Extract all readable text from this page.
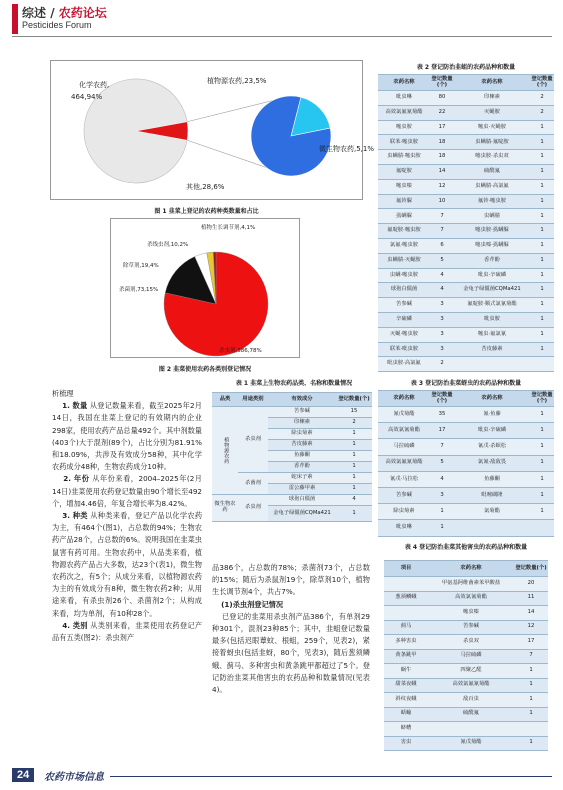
综述 / 农药论坛
Pesticides Forum
化学农药,
464,94%
其他,28,6%
植物源农药,23,5%
微生物农药,5,1%
图 1 韭菜上登记的农药种类数量和占比
杀虫剂,386,78%
杀菌剂,73,15%
除草剂,19,4%
杀线虫剂,10,2%
植物生长调节剂,4,1%
图 2 韭菜使用农药各类别登记情况
表 2 登记防治韭蛆的农药品种和数量
农药名称	登记数量(个)	农药名称	登记数量(个)
吡虫啉	80	印楝素	2
高效氯氟氰菊酯	22	灭蝇胺	2
噻虫胺	17	噻虫·灭蝇胺	1
联苯·噻虫胺	18	虫螨腈·氟啶胺	1
虫螨腈·噻虫胺	18	噻虫胺·杀虫双	1
氟啶胺	14	硫酰氟	1
噻虫嗪	12	虫螨腈·高氯氟	1
氟铃脲	10	氟铃·噻虫胺	1
虱螨脲	7	虫螨腈	1
氟啶胺·噻虫胺	7	噻虫胺·虱螨脲	1
氯氟·噻虫胺	6	噻虫嗪·虱螨脲	1
虫螨腈·灭蝇胺	5	香芹酚	1
虫螨·噻虫胺	4	吡虫·辛硫磷	1
球孢白僵菌	4	金龟子绿僵菌CQMa421	1
苦参碱	3	氟啶胺·顺式氯氰菊酯	1
辛硫磷	3	吡虫胺	1
灭蝇·噻虫胺	3	噻虫·氟氯氰	1
联苯·吡虫胺	3	苦皮藤素	1
吡虫胺·高氯氟	2		
表 3 登记防治韭菜蚜虫的农药品种和数量
农药名称	登记数量(个)	农药名称	登记数量(个)
氰戊菊酯	35	氰·鱼藤	1
高效氯氰菊酯	17	吡虫·辛硫磷	1
马拉硫磷	7	氰戊·杀螟松	1
高效氯氟氰菊酯	5	氯氰·敌敌畏	1
氰戊·马拉松	4	鱼藤酮	1
苦参碱	3	吡嘧磺隆	1
除虫菊素	1	氯菊酯	1
吡虫啉	1		
表 1 韭菜上生物农药品类、名称和数量情况
品类	用途类别	有效成分	登记数量(个)
植物源农药	杀虫剂	苦参碱	15
		印楝素	2
		除虫菊素	1
		苦皮藤素	1
		鱼藤酮	1
		香芹酚	1
	杀菌剂	蛇床子素	1
		雷公藤甲素	1
微生物农药	杀虫剂	球孢白僵菌	4
		金龟子绿僵菌CQMa421	1
表 4 登记防治韭菜其他害虫的农药品种和数量
项目	农药名称	登记数量(个)
	甲氨基阿维菌素苯甲酸盐	20
葱须鳞蛾	高效氯氰菊酯	11
	噻虫嗪	14
蓟马	苦参碱	12
多种害虫	杀虫双	17
黄条跳甲	马拉硫磷	7
蜗牛	四聚乙醛	1
甜菜夜蛾	高效氯氟氰菊酯	1
斜纹夜蛾	敌百虫	1
蛞蝓	硫酰氟	1
蛴螬		
害虫	氰戊菊酯	1

析梳理

1. 数量 从登记数量来看，截至2025年2月14日，我国在韭菜上登记的有效期内的企业298家，使用农药产品总量492个。其中剂数量(403个)大于混剂(89个)，占比分别为81.91%和18.09%，共涉及有效成分58种，其中化学农药成分48种，生物农药成分10种。

2. 年份 从年份来看，2004–2025年(2月14日)韭菜使用农药登记数量由90个增长至492个，增加4.46倍，年复合增长率为8.42%。

3. 种类 从种类来看，登记产品以化学农药为主，有464个(图1)，占总数的94%；生物农药产品28个，占总数的6%。说明我国在韭菜虫鼠害有药可用。生物农药中，从品类来看，植物源农药产品占大多数，达23个(表1)，微生物农药次之，有5个；从成分来看，以植物源农药为主的有效成分有8种，微生物农药2种；从用途来看，有杀虫剂26个、杀菌剂2个；从构成来看，均为单剂，有10种28个。

4. 类别 从类别来看，韭菜使用农药登记产品有五类(图2)：杀虫剂产

品386个，占总数的78%；杀菌剂73个，占总数的15%；随后为杀鼠剂19个，除草剂10个，植物生长调节剂4个，共占7%。

(1)杀虫剂登记情况

已登记的韭菜用杀虫剂产品386个，有单剂29种301个，混剂23种85个；其中，韭蛆登记数量最多(包括迟眼蕈蚊、根蛆，259个，见表2)，紧接着蚜虫(包括韭蚜，80个，见表3)，随后葱须鳞蛾、蓟马、多种害虫和黄条跳甲都超过了5个。登记防治韭菜其他害虫的农药品种和数量情况(见表4)。

24	农药市场信息
